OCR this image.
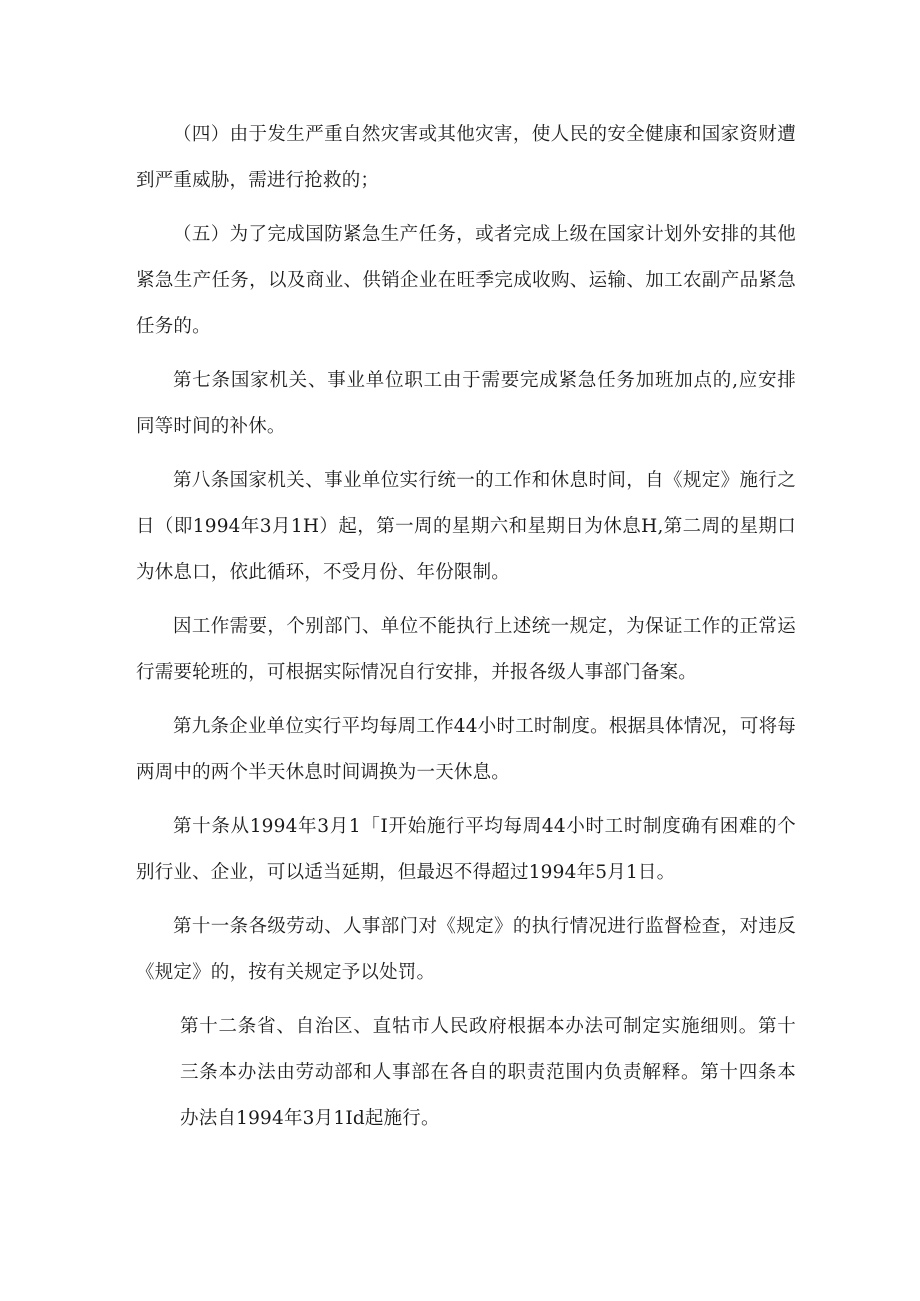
（四）由于发生严重自然灾害或其他灾害，使人民的安全健康和国家资财遭到严重威胁，需进行抢救的；

（五）为了完成国防紧急生产任务，或者完成上级在国家计划外安排的其他紧急生产任务，以及商业、供销企业在旺季完成收购、运输、加工农副产品紧急任务的。

第七条国家机关、事业单位职工由于需要完成紧急任务加班加点的,应安排同等时间的补休。

第八条国家机关、事业单位实行统一的工作和休息时间，自《规定》施行之日（即1994年3月1H）起，第一周的星期六和星期日为休息H,第二周的星期口为休息口，依此循环，不受月份、年份限制。

因工作需要，个别部门、单位不能执行上述统一规定，为保证工作的正常运行需要轮班的，可根据实际情况自行安排，并报各级人事部门备案。

第九条企业单位实行平均每周工作44小时工时制度。根据具体情况，可将每两周中的两个半天休息时间调换为一天休息。

第十条从1994年3月1「I开始施行平均每周44小时工时制度确有困难的个别行业、企业，可以适当延期，但最迟不得超过1994年5月1日。

第十一条各级劳动、人事部门对《规定》的执行情况进行监督检查，对违反《规定》的，按有关规定予以处罚。

第十二条省、自治区、直牯市人民政府根据本办法可制定实施细则。第十三条本办法由劳动部和人事部在各自的职责范围内负责解释。第十四条本办法自1994年3月1Id起施行。
